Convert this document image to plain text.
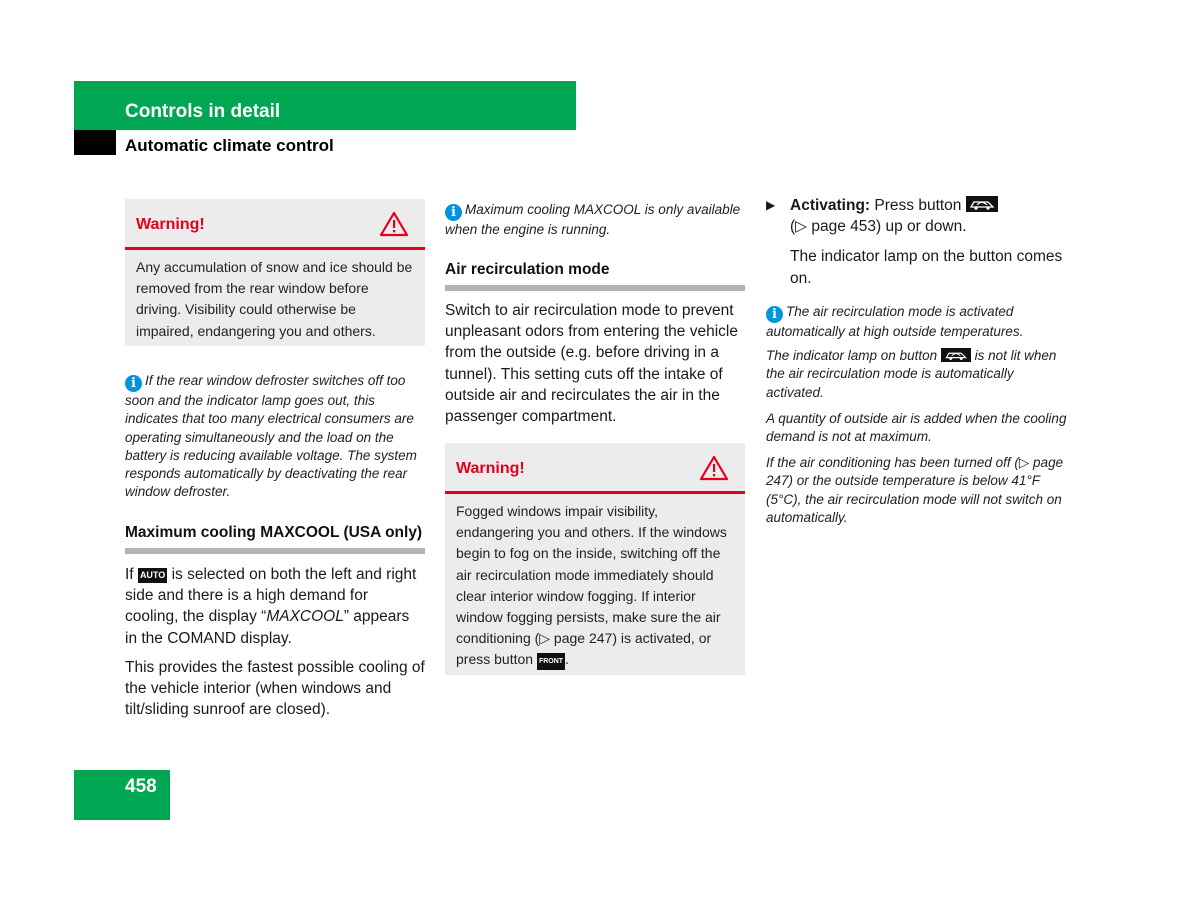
Controls in detail
Automatic climate control
Warning!
Any accumulation of snow and ice should be removed from the rear window before driving. Visibility could otherwise be impaired, endangering you and others.
i If the rear window defroster switches off too soon and the indicator lamp goes out, this indicates that too many electrical consumers are operating simultaneously and the load on the battery is reducing available voltage. The system responds automatically by deactivating the rear window defroster.
Maximum cooling MAXCOOL (USA only)
If AUTO is selected on both the left and right side and there is a high demand for cooling, the display “MAXCOOL” appears in the COMAND display.
This provides the fastest possible cooling of the vehicle interior (when windows and tilt/sliding sunroof are closed).
i Maximum cooling MAXCOOL is only available when the engine is running.
Air recirculation mode
Switch to air recirculation mode to prevent unpleasant odors from entering the vehicle from the outside (e.g. before driving in a tunnel). This setting cuts off the intake of outside air and recirculates the air in the passenger compartment.
Warning!
Fogged windows impair visibility, endangering you and others. If the windows begin to fog on the inside, switching off the air recirculation mode immediately should clear interior window fogging. If interior window fogging persists, make sure the air conditioning (▷ page 247) is activated, or press button FRONT .
▶ Activating: Press button

(▷ page 453) up or down.
The indicator lamp on the button comes on.
i The air recirculation mode is activated automatically at high outside temperatures.
The indicator lamp on button	is not lit when the air recirculation mode is automatically activated.
A quantity of outside air is added when the cooling demand is not at maximum.
If the air conditioning has been turned off (▷ page 247) or the outside temperature is below 41°F (5°C), the air recirculation mode will not switch on automatically.
458
